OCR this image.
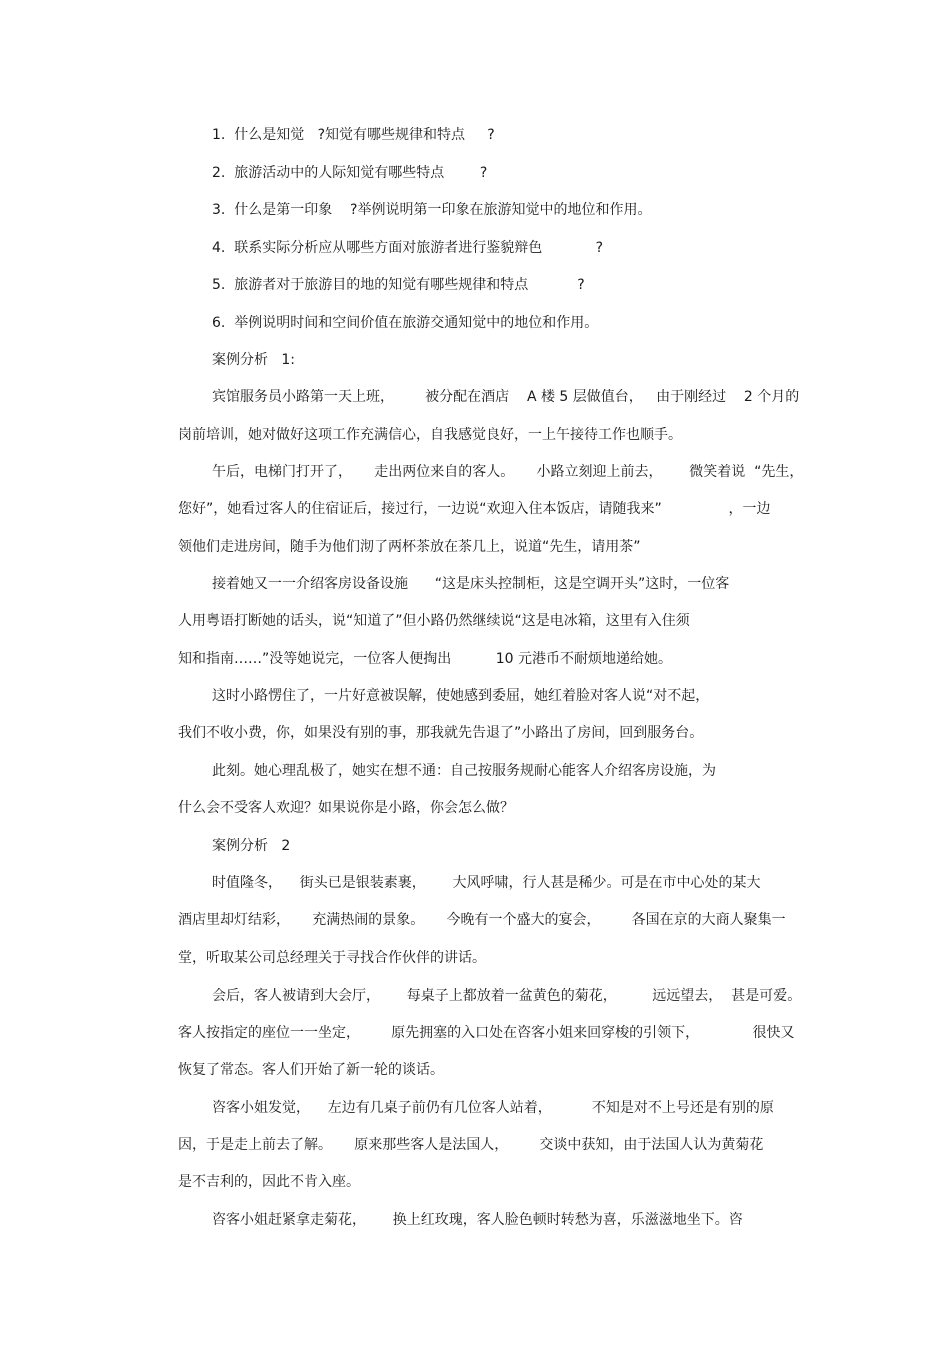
1.  什么是知觉   ?知觉有哪些规律和特点     ?

2.  旅游活动中的人际知觉有哪些特点        ?

3.  什么是第一印象    ?举例说明第一印象在旅游知觉中的地位和作用。

4.  联系实际分析应从哪些方面对旅游者进行鉴貌辩色            ?

5.  旅游者对于旅游目的地的知觉有哪些规律和特点           ?

6.  举例说明时间和空间价值在旅游交通知觉中的地位和作用。

案例分析   1:

宾馆服务员小路第一天上班，       被分配在酒店    A 楼 5 层做值台，   由于刚经过    2 个月的

岗前培训，她对做好这项工作充满信心，自我感觉良好，一上午接待工作也顺手。

午后，电梯门打开了，     走出两位来自的客人。     小路立刻迎上前去，      微笑着说  “先生，

您好”，她看过客人的住宿证后，接过行，一边说“欢迎入住本饭店，请随我来”               ，一边

领他们走进房间，随手为他们沏了两杯茶放在茶几上，说道“先生，请用茶”

接着她又一一介绍客房设备设施      “这是床头控制柜，这是空调开头”这时，一位客

人用粤语打断她的话头，说“知道了”但小路仍然继续说“这是电冰箱，这里有入住须

知和指南……”没等她说完，一位客人便掏出          10 元港币不耐烦地递给她。

这时小路愣住了，一片好意被误解，使她感到委屈，她红着脸对客人说“对不起，

我们不收小费，你，如果没有别的事，那我就先告退了”小路出了房间，回到服务台。

此刻。她心理乱极了，她实在想不通：自己按服务规耐心能客人介绍客房设施，为

什么会不受客人欢迎？如果说你是小路，你会怎么做？

案例分析   2

时值隆冬，    街头已是银装素裹，      大风呼啸，行人甚是稀少。可是在市中心处的某大

酒店里却灯结彩，     充满热闹的景象。     今晚有一个盛大的宴会，       各国在京的大商人聚集一

堂，听取某公司总经理关于寻找合作伙伴的讲话。

会后，客人被请到大会厅，      每桌子上都放着一盆黄色的菊花，        远远望去，  甚是可爱。

客人按指定的座位一一坐定，       原先拥塞的入口处在咨客小姐来回穿梭的引领下，            很快又

恢复了常态。客人们开始了新一轮的谈话。

咨客小姐发觉，    左边有几桌子前仍有几位客人站着，         不知是对不上号还是有别的原

因，于是走上前去了解。     原来那些客人是法国人，       交谈中获知，由于法国人认为黄菊花

是不吉利的，因此不肯入座。

咨客小姐赶紧拿走菊花，      换上红玫瑰，客人脸色顿时转愁为喜，乐滋滋地坐下。咨
